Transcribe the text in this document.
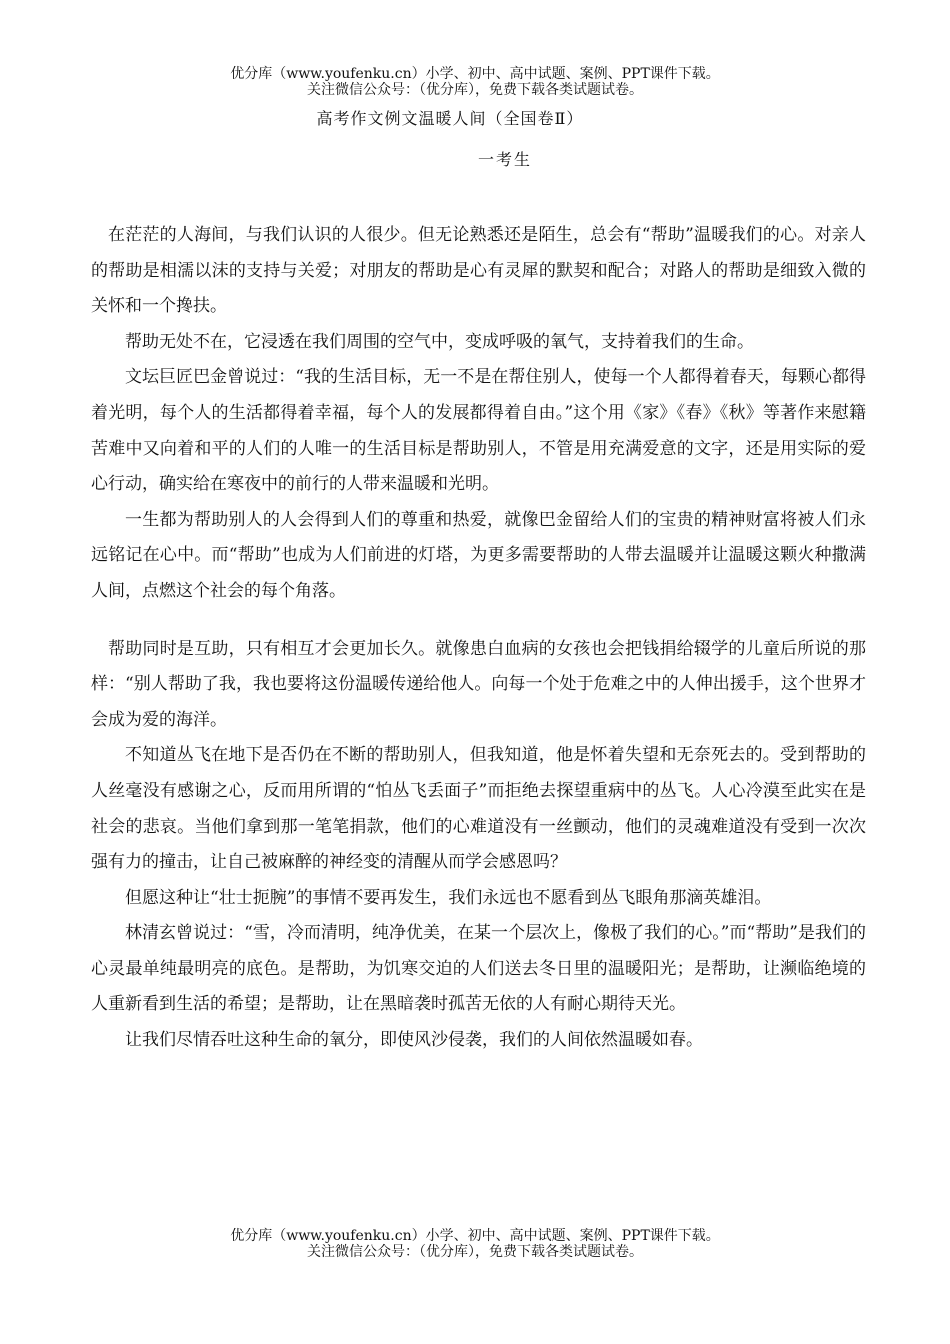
优分库（www.youfenku.cn）小学、初中、高中试题、案例、PPT课件下载。
关注微信公众号：（优分库），免费下载各类试题试卷。
高考作文例文温暖人间（全国卷Ⅱ）
一考生

在茫茫的人海间，与我们认识的人很少。但无论熟悉还是陌生，总会有“帮助”温暖我们的心。对亲人的帮助是相濡以沫的支持与关爱；对朋友的帮助是心有灵犀的默契和配合；对路人的帮助是细致入微的关怀和一个搀扶。

帮助无处不在，它浸透在我们周围的空气中，变成呼吸的氧气，支持着我们的生命。

文坛巨匠巴金曾说过：“我的生活目标，无一不是在帮住别人，使每一个人都得着春天，每颗心都得着光明，每个人的生活都得着幸福，每个人的发展都得着自由。”这个用《家》《春》《秋》等著作来慰籍苦难中又向着和平的人们的人唯一的生活目标是帮助别人，不管是用充满爱意的文字，还是用实际的爱心行动，确实给在寒夜中的前行的人带来温暖和光明。

一生都为帮助别人的人会得到人们的尊重和热爱，就像巴金留给人们的宝贵的精神财富将被人们永远铭记在心中。而“帮助”也成为人们前进的灯塔，为更多需要帮助的人带去温暖并让温暖这颗火种撒满人间，点燃这个社会的每个角落。

帮助同时是互助，只有相互才会更加长久。就像患白血病的女孩也会把钱捐给辍学的儿童后所说的那样：“别人帮助了我，我也要将这份温暖传递给他人。向每一个处于危难之中的人伸出援手，这个世界才会成为爱的海洋。

不知道丛飞在地下是否仍在不断的帮助别人，但我知道，他是怀着失望和无奈死去的。受到帮助的人丝毫没有感谢之心，反而用所谓的“怕丛飞丢面子”而拒绝去探望重病中的丛飞。人心冷漠至此实在是社会的悲哀。当他们拿到那一笔笔捐款，他们的心难道没有一丝颤动，他们的灵魂难道没有受到一次次强有力的撞击，让自己被麻醉的神经变的清醒从而学会感恩吗？

但愿这种让“壮士扼腕”的事情不要再发生，我们永远也不愿看到丛飞眼角那滴英雄泪。

林清玄曾说过：“雪，冷而清明，纯净优美，在某一个层次上，像极了我们的心。”而“帮助”是我们的心灵最单纯最明亮的底色。是帮助，为饥寒交迫的人们送去冬日里的温暖阳光；是帮助，让濒临绝境的人重新看到生活的希望；是帮助，让在黑暗袭时孤苦无依的人有耐心期待天光。

让我们尽情吞吐这种生命的氧分，即使风沙侵袭，我们的人间依然温暖如春。

优分库（www.youfenku.cn）小学、初中、高中试题、案例、PPT课件下载。
关注微信公众号：（优分库），免费下载各类试题试卷。
